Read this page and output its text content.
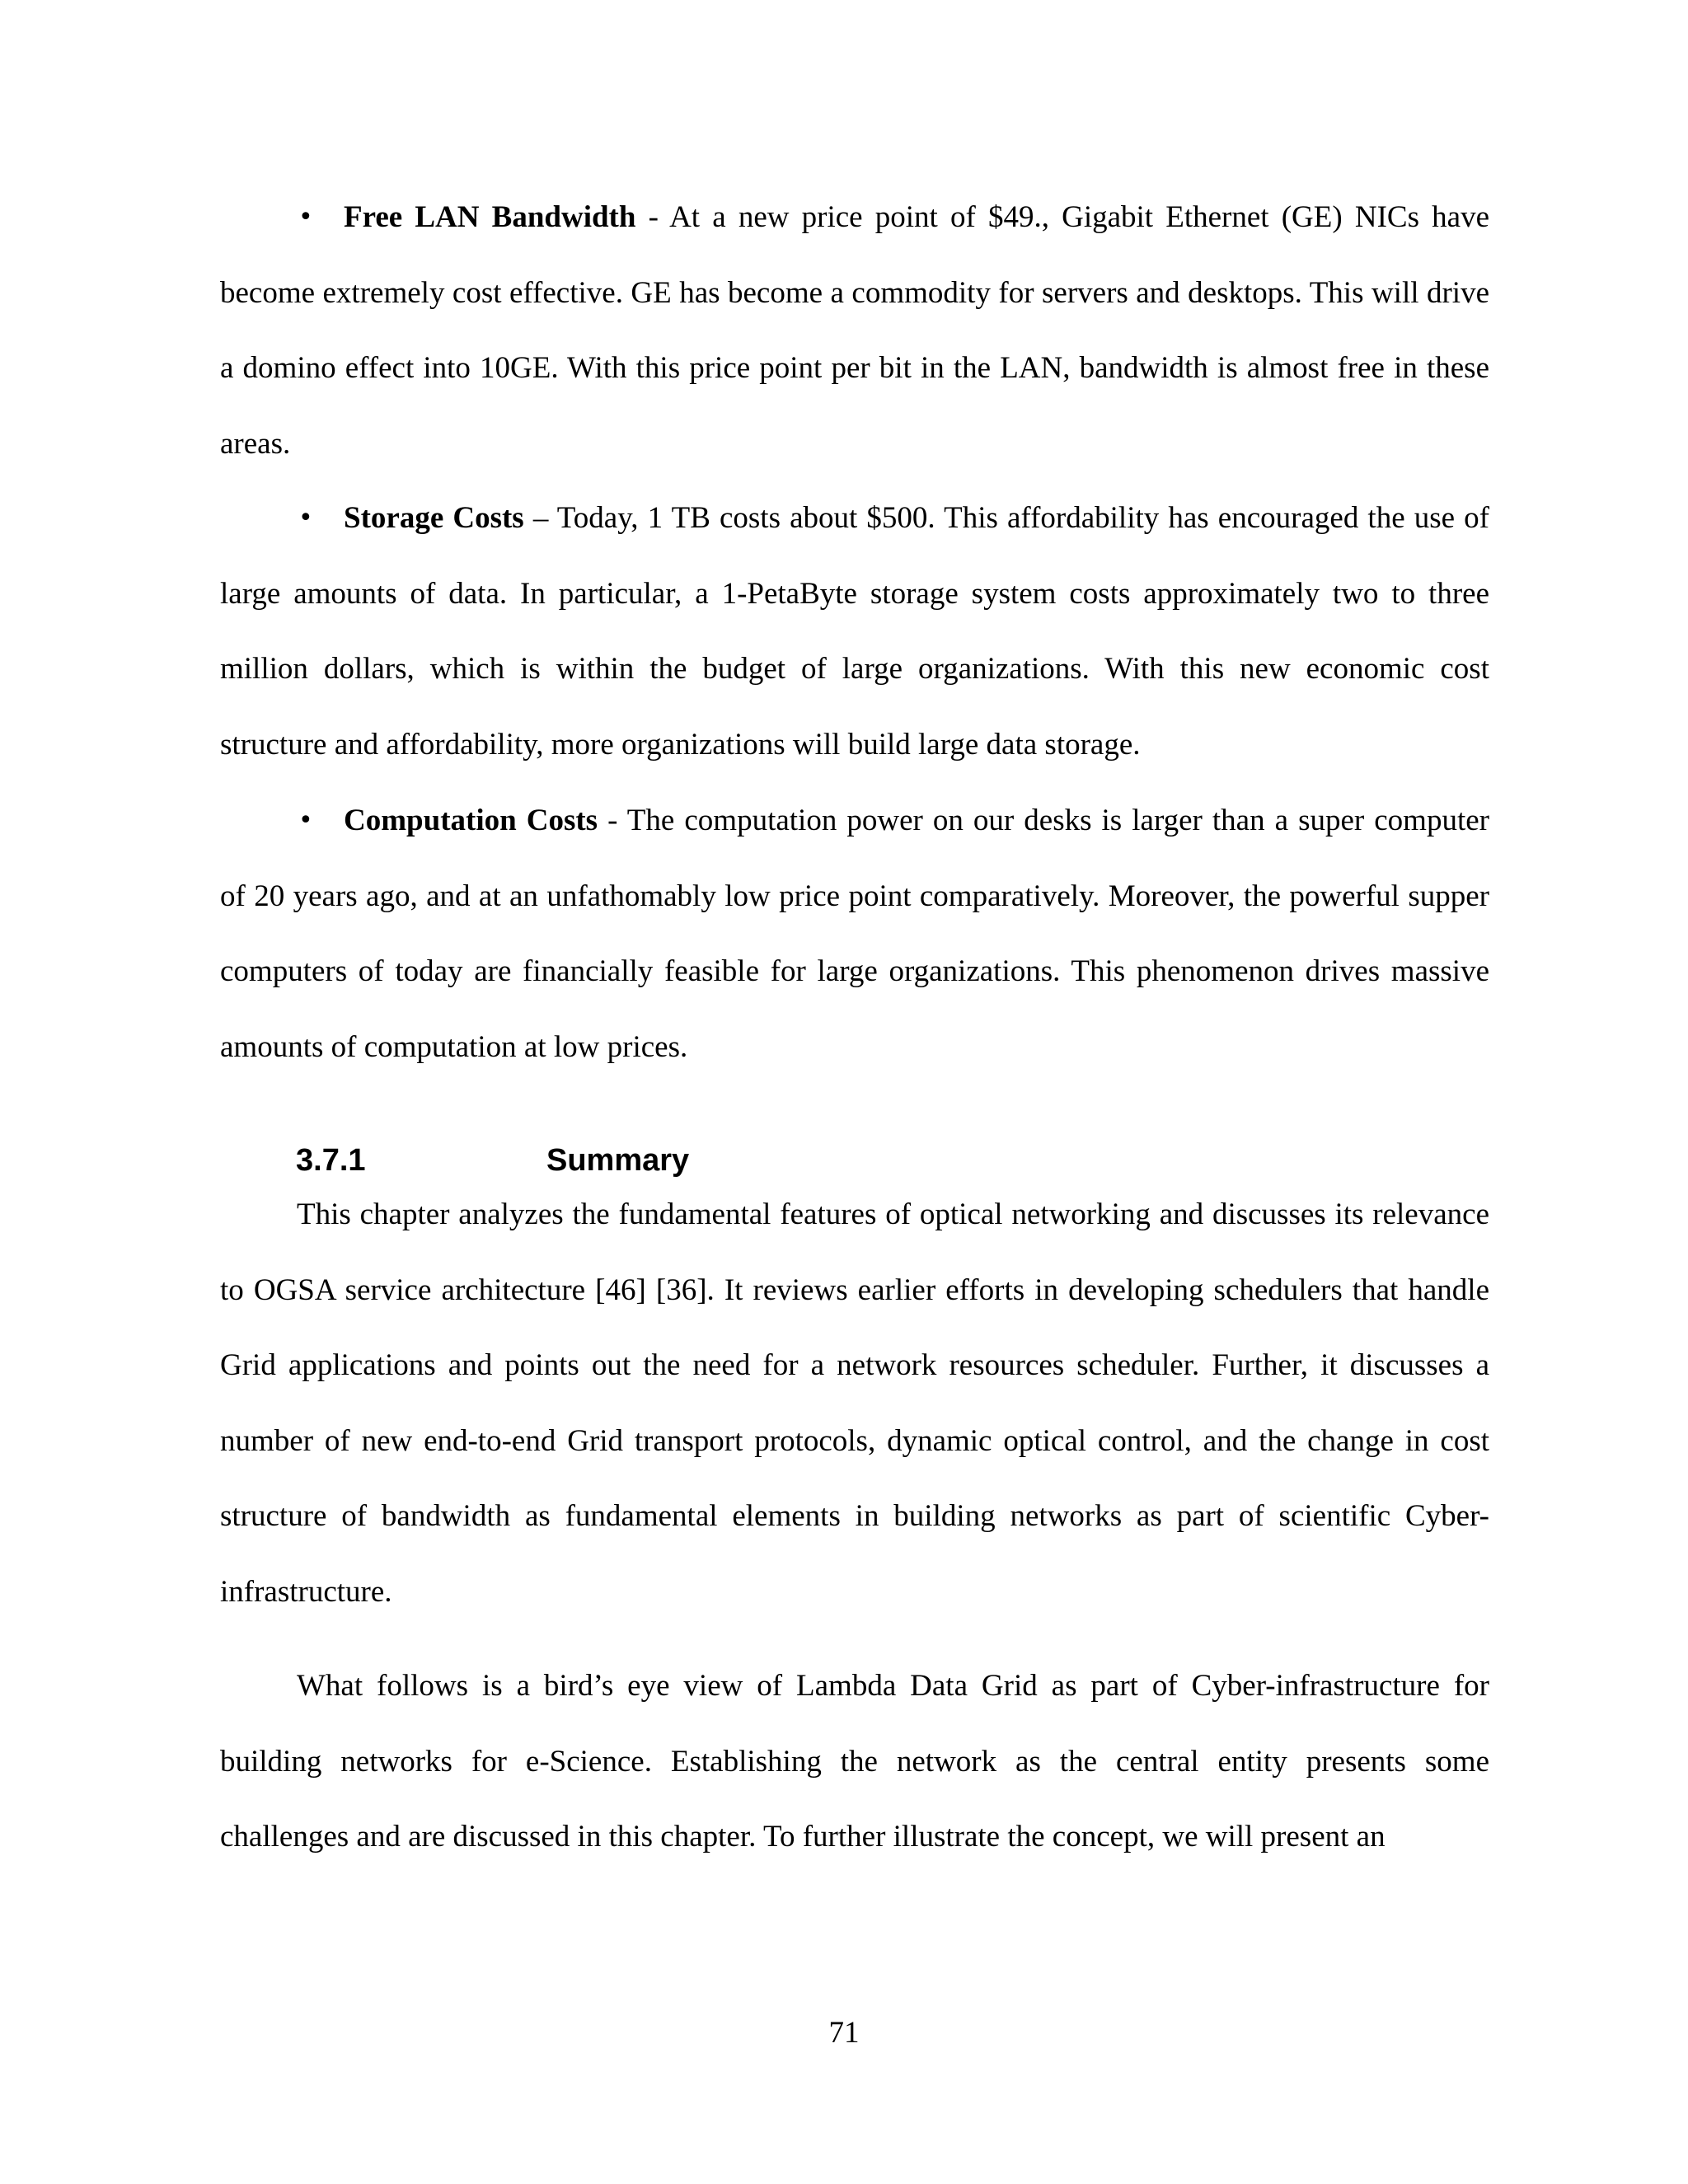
• Free LAN Bandwidth - At a new price point of $49., Gigabit Ethernet (GE) NICs have become extremely cost effective. GE has become a commodity for servers and desktops. This will drive a domino effect into 10GE. With this price point per bit in the LAN, bandwidth is almost free in these areas.

• Storage Costs – Today, 1 TB costs about $500. This affordability has encouraged the use of large amounts of data. In particular, a 1-PetaByte storage system costs approximately two to three million dollars, which is within the budget of large organizations. With this new economic cost structure and affordability, more organizations will build large data storage.

• Computation Costs - The computation power on our desks is larger than a super computer of 20 years ago, and at an unfathomably low price point comparatively. Moreover, the powerful supper computers of today are financially feasible for large organizations. This phenomenon drives massive amounts of computation at low prices.

3.7.1	Summary

This chapter analyzes the fundamental features of optical networking and discusses its relevance to OGSA service architecture [46] [36]. It reviews earlier efforts in developing schedulers that handle Grid applications and points out the need for a network resources scheduler. Further, it discusses a number of new end-to-end Grid transport protocols, dynamic optical control, and the change in cost structure of bandwidth as fundamental elements in building networks as part of scientific Cyber-infrastructure.

What follows is a bird’s eye view of Lambda Data Grid as part of Cyber-infrastructure for building networks for e-Science. Establishing the network as the central entity presents some challenges and are discussed in this chapter. To further illustrate the concept, we will present an

71
